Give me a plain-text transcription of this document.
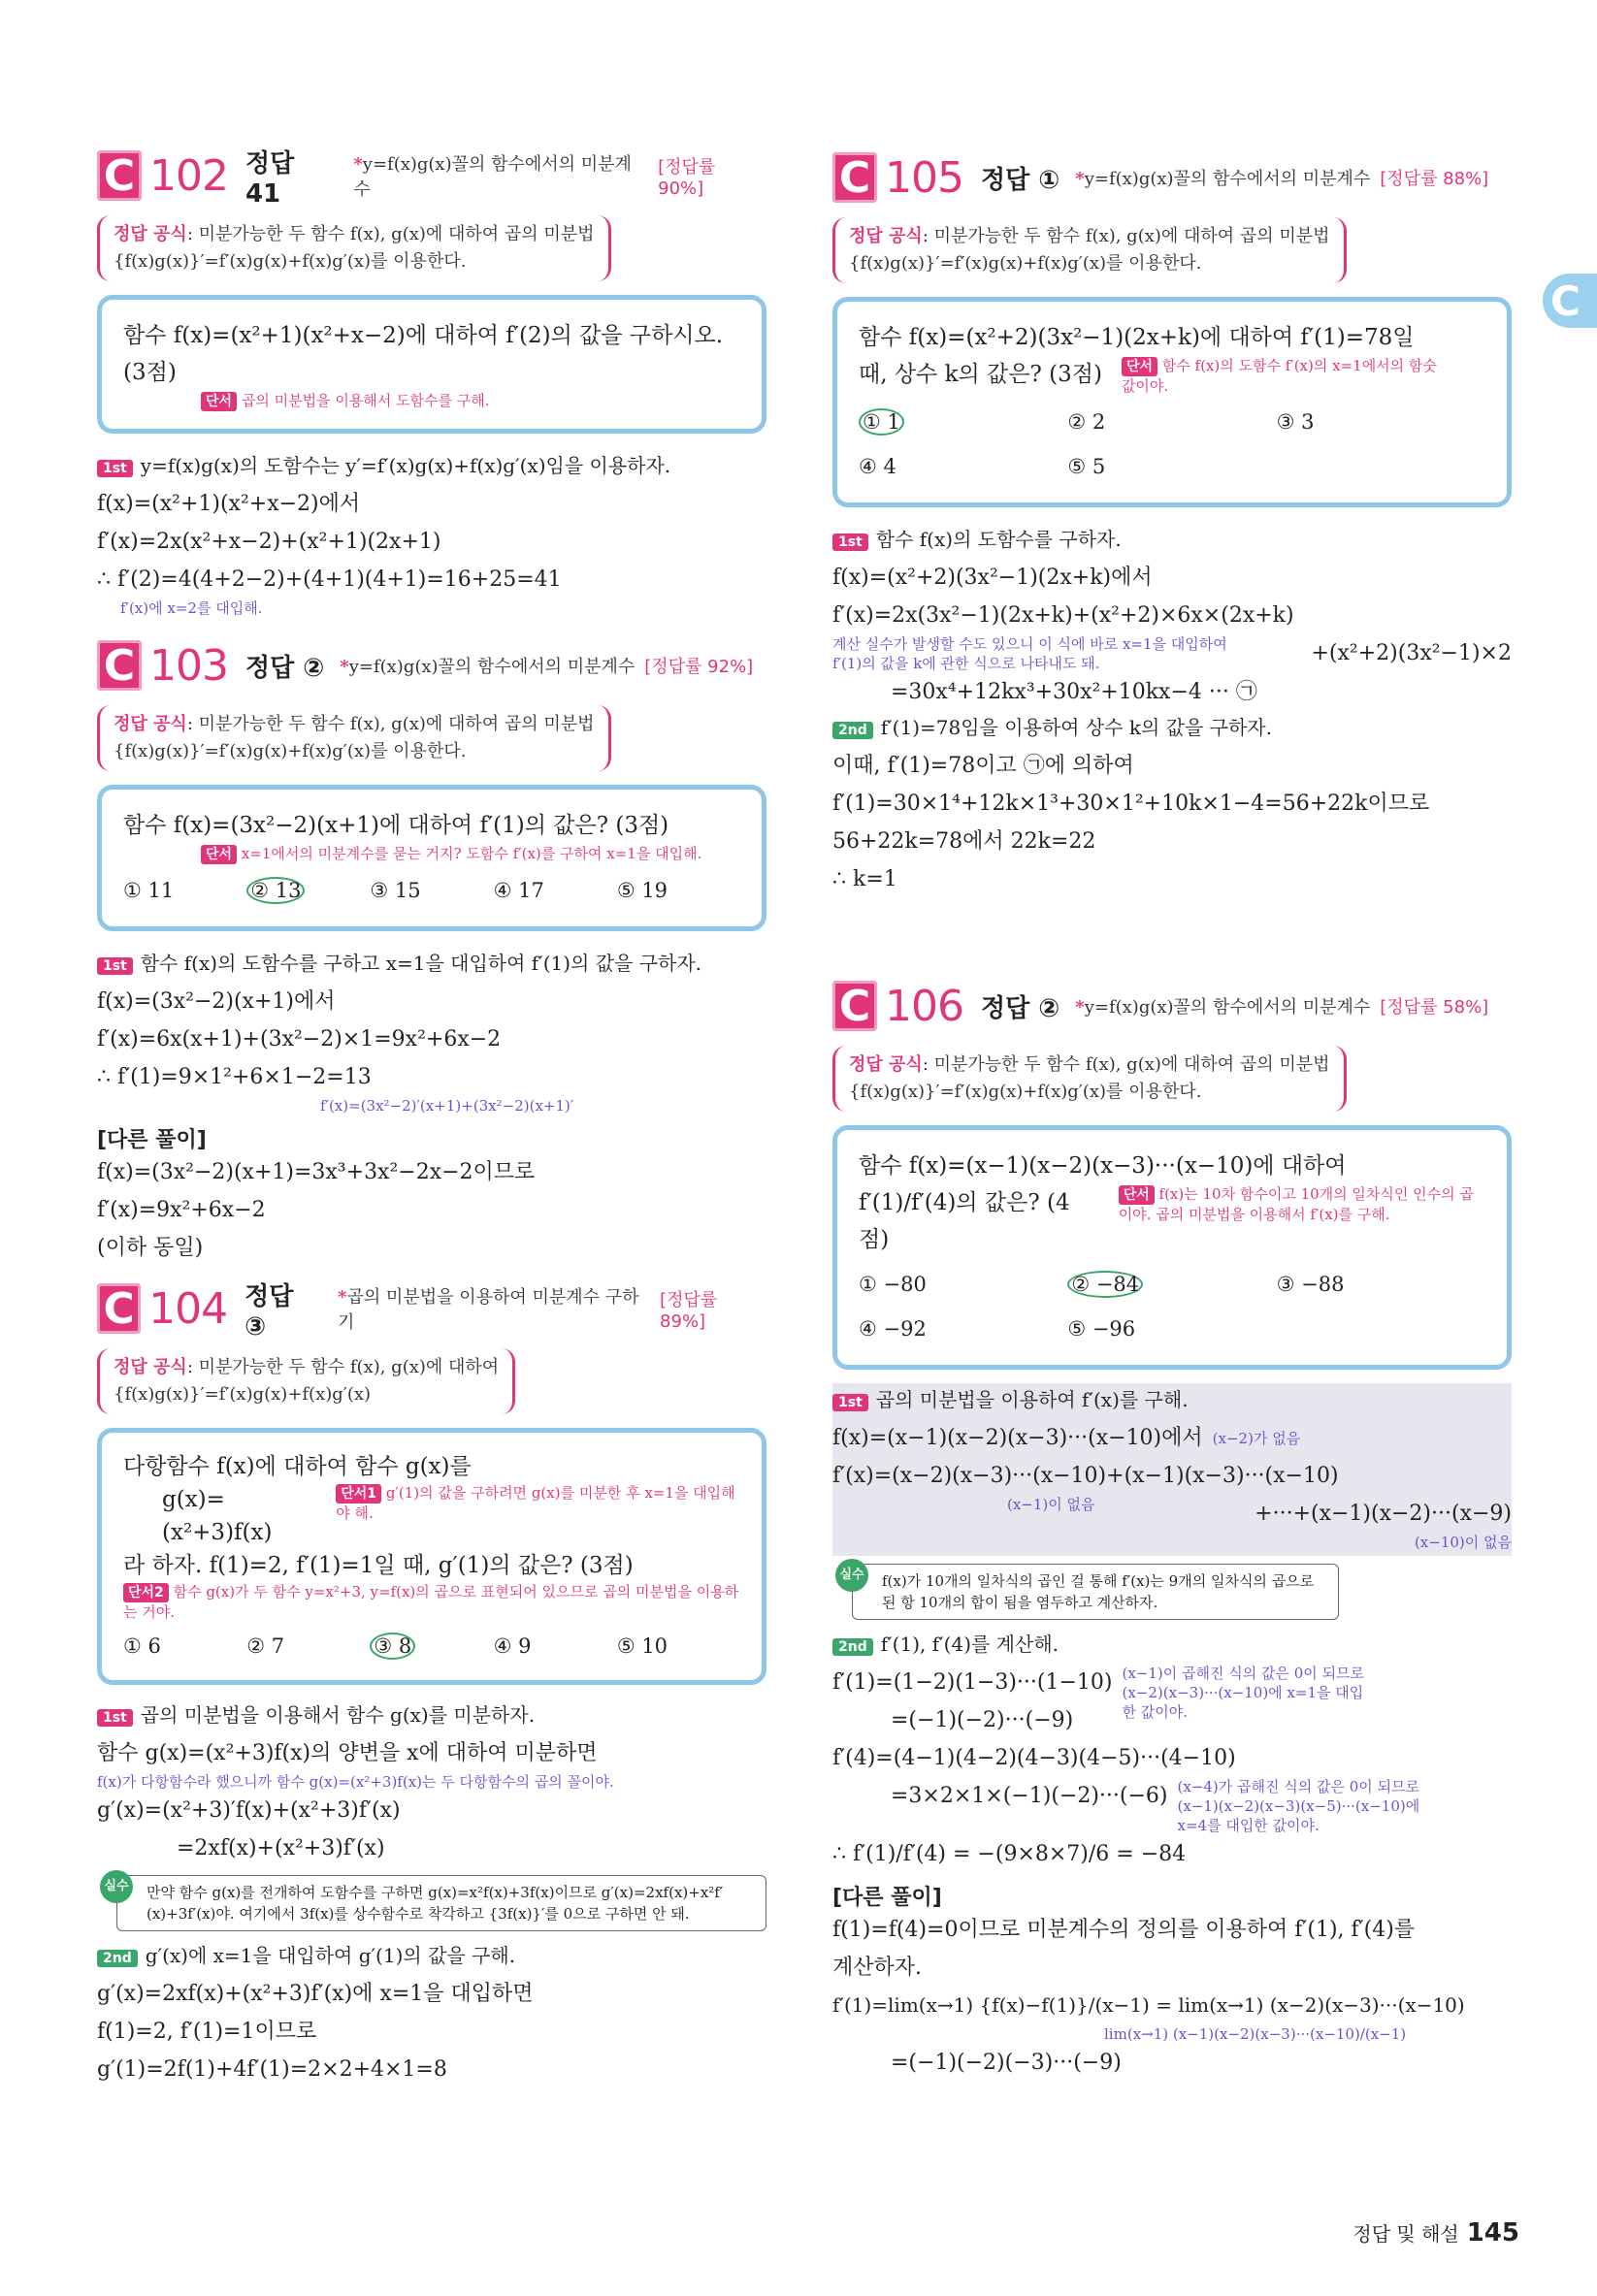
C
C 102 정답 41
*y=f(x)g(x)꼴의 함수에서의 미분계수
[정답률 90%]
정답 공식: 미분가능한 두 함수 f(x), g(x)에 대하여 곱의 미분법
{f(x)g(x)}′=f′(x)g(x)+f(x)g′(x)를 이용한다.
함수 f(x)=(x²+1)(x²+x−2)에 대하여 f′(2)의 값을 구하시오. (3점)
단서 곱의 미분법을 이용해서 도함수를 구해.
1st y=f(x)g(x)의 도함수는 y′=f′(x)g(x)+f(x)g′(x)임을 이용하자.
f(x)=(x²+1)(x²+x−2)에서
f′(x)=2x(x²+x−2)+(x²+1)(2x+1)
∴ f′(2)=4(4+2−2)+(4+1)(4+1)=16+25=41
f′(x)에 x=2를 대입해.
C 103 정답 ② *y=f(x)g(x)꼴의 함수에서의 미분계수 [정답률 92%]
정답 공식: 미분가능한 두 함수 f(x), g(x)에 대하여 곱의 미분법
{f(x)g(x)}′=f′(x)g(x)+f(x)g′(x)를 이용한다.
함수 f(x)=(3x²−2)(x+1)에 대하여 f′(1)의 값은? (3점)
단서 x=1에서의 미분계수를 묻는 거지? 도함수 f′(x)를 구하여 x=1을 대입해.
① 11	② 13	③ 15	④ 17	⑤ 19
1st 함수 f(x)의 도함수를 구하고 x=1을 대입하여 f′(1)의 값을 구하자.
f(x)=(3x²−2)(x+1)에서
f′(x)=6x(x+1)+(3x²−2)×1=9x²+6x−2
∴ f′(1)=9×1²+6×1−2=13
f′(x)=(3x²−2)′(x+1)+(3x²−2)(x+1)′
[다른 풀이]
f(x)=(3x²−2)(x+1)=3x³+3x²−2x−2이므로
f′(x)=9x²+6x−2
(이하 동일)
C 104 정답 ③
*곱의 미분법을 이용하여 미분계수 구하기
[정답률 89%]
정답 공식: 미분가능한 두 함수 f(x), g(x)에 대하여
{f(x)g(x)}′=f′(x)g(x)+f(x)g′(x)
다항함수 f(x)에 대하여 함수 g(x)를
g(x)=(x²+3)f(x)
단서1 g′(1)의 값을 구하려면 g(x)를 미분한 후 x=1을 대입해야 해.
라 하자. f(1)=2, f′(1)=1일 때, g′(1)의 값은? (3점)
단서2 함수 g(x)가 두 함수 y=x²+3, y=f(x)의 곱으로 표현되어 있으므로 곱의 미분법을 이용하는 거야.
① 6	② 7	③ 8	④ 9	⑤ 10
1st 곱의 미분법을 이용해서 함수 g(x)를 미분하자.
함수 g(x)=(x²+3)f(x)의 양변을 x에 대하여 미분하면
f(x)가 다항함수라 했으니까 함수 g(x)=(x²+3)f(x)는 두 다항함수의 곱의 꼴이야.
g′(x)=(x²+3)′f(x)+(x²+3)f′(x)
=2xf(x)+(x²+3)f′(x)
실수 만약 함수 g(x)를 전개하여 도함수를 구하면 g(x)=x²f(x)+3f(x)이므로 g′(x)=2xf(x)+x²f′(x)+3f′(x)야. 여기에서 3f(x)를 상수함수로 착각하고 {3f(x)}′를 0으로 구하면 안 돼.
2nd g′(x)에 x=1을 대입하여 g′(1)의 값을 구해.
g′(x)=2xf(x)+(x²+3)f′(x)에 x=1을 대입하면
f(1)=2, f′(1)=1이므로
g′(1)=2f(1)+4f′(1)=2×2+4×1=8
C 105 정답 ① *y=f(x)g(x)꼴의 함수에서의 미분계수 [정답률 88%]
정답 공식: 미분가능한 두 함수 f(x), g(x)에 대하여 곱의 미분법
{f(x)g(x)}′=f′(x)g(x)+f(x)g′(x)를 이용한다.
함수 f(x)=(x²+2)(3x²−1)(2x+k)에 대하여 f′(1)=78일
때, 상수 k의 값은? (3점)	단서 함수 f(x)의 도함수 f′(x)의 x=1에서의 함숫값이야.
① 1	② 2	③ 3
④ 4	⑤ 5
1st 함수 f(x)의 도함수를 구하자.
f(x)=(x²+2)(3x²−1)(2x+k)에서
f′(x)=2x(3x²−1)(2x+k)+(x²+2)×6x×(2x+k)
계산 실수가 발생할 수도 있으니 이 식에 바로 x=1을 대입하여 f′(1)의 값을 k에 관한 식으로 나타내도 돼.	+(x²+2)(3x²−1)×2
=30x⁴+12kx³+30x²+10kx−4 ··· ㉠
2nd f′(1)=78임을 이용하여 상수 k의 값을 구하자.
이때, f′(1)=78이고 ㉠에 의하여
f′(1)=30×1⁴+12k×1³+30×1²+10k×1−4=56+22k이므로
56+22k=78에서 22k=22
∴ k=1
C 106 정답 ② *y=f(x)g(x)꼴의 함수에서의 미분계수 [정답률 58%]
정답 공식: 미분가능한 두 함수 f(x), g(x)에 대하여 곱의 미분법
{f(x)g(x)}′=f′(x)g(x)+f(x)g′(x)를 이용한다.
함수 f(x)=(x−1)(x−2)(x−3)···(x−10)에 대하여
f′(1)/f′(4)의 값은? (4점)
단서 f(x)는 10차 함수이고 10개의 일차식인 인수의 곱이야. 곱의 미분법을 이용해서 f′(x)를 구해.
① −80	② −84	③ −88
④ −92	⑤ −96
1st 곱의 미분법을 이용하여 f′(x)를 구해.
f(x)=(x−1)(x−2)(x−3)···(x−10)에서 (x−2)가 없음
f′(x)=(x−2)(x−3)···(x−10)+(x−1)(x−3)···(x−10)
(x−1)이 없음	+···+(x−1)(x−2)···(x−9)
(x−10)이 없음
실수 f(x)가 10개의 일차식의 곱인 걸 통해 f′(x)는 9개의 일차식의 곱으로 된 항 10개의 합이 됨을 염두하고 계산하자.
2nd f′(1), f′(4)를 계산해.
f′(1)=(1−2)(1−3)···(1−10)
=(−1)(−2)···(−9)
(x−1)이 곱해진 식의 값은 0이 되므로 (x−2)(x−3)···(x−10)에 x=1을 대입한 값이야.
f′(4)=(4−1)(4−2)(4−3)(4−5)···(4−10)
=3×2×1×(−1)(−2)···(−6) (x−4)가 곱해진 식의 값은 0이 되므로 (x−1)(x−2)(x−3)(x−5)···(x−10)에 x=4를 대입한 값이야.
∴ f′(1)/f′(4) = −(9×8×7)/6 = −84
[다른 풀이]
f(1)=f(4)=0이므로 미분계수의 정의를 이용하여 f′(1), f′(4)를
계산하자.
f′(1)=lim(x→1) {f(x)−f(1)}/(x−1) = lim(x→1) (x−2)(x−3)···(x−10)
lim(x→1) (x−1)(x−2)(x−3)···(x−10)/(x−1)
=(−1)(−2)(−3)···(−9)
정답 및 해설 145
